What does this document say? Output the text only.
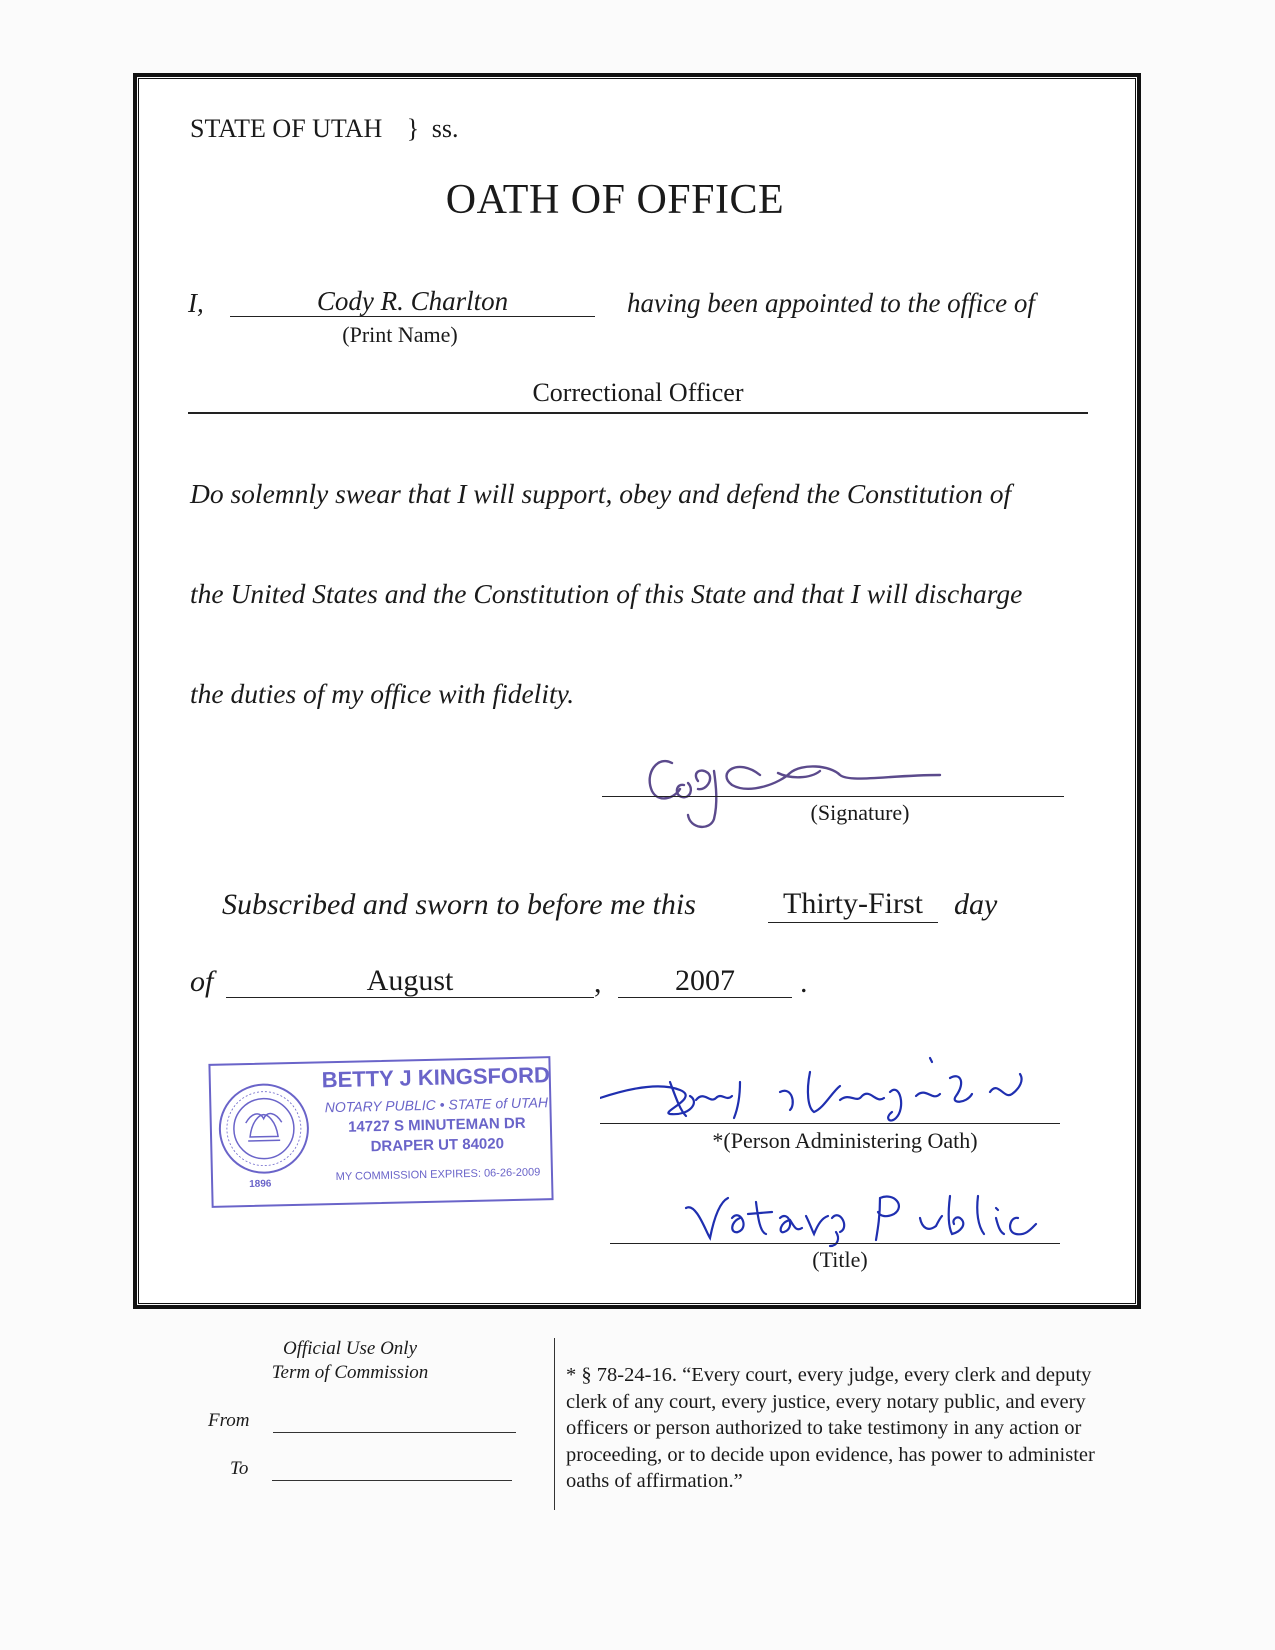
STATE OF UTAH } ss.
OATH OF OFFICE
I,	Cody R. Charlton
(Print Name)
having been appointed to the office of
Correctional Officer
Do solemnly swear that I will support, obey and defend the Constitution of
the United States and the Constitution of this State and that I will discharge
the duties of my office with fidelity.
(Signature)
Subscribed and sworn to before me this	Thirty-First	day
of	August	,	2007	.
1896
BETTY J KINGSFORD
NOTARY PUBLIC • STATE of UTAH
14727 S MINUTEMAN DR
DRAPER UT 84020
MY COMMISSION EXPIRES: 06-26-2009
*(Person Administering Oath)
(Title)
Official Use Only
Term of Commission
From
To
* § 78-24-16. “Every court, every judge, every clerk and deputy clerk of any court, every justice, every notary public, and every officers or person authorized to take testimony in any action or proceeding, or to decide upon evidence, has power to administer oaths of affirmation.”
